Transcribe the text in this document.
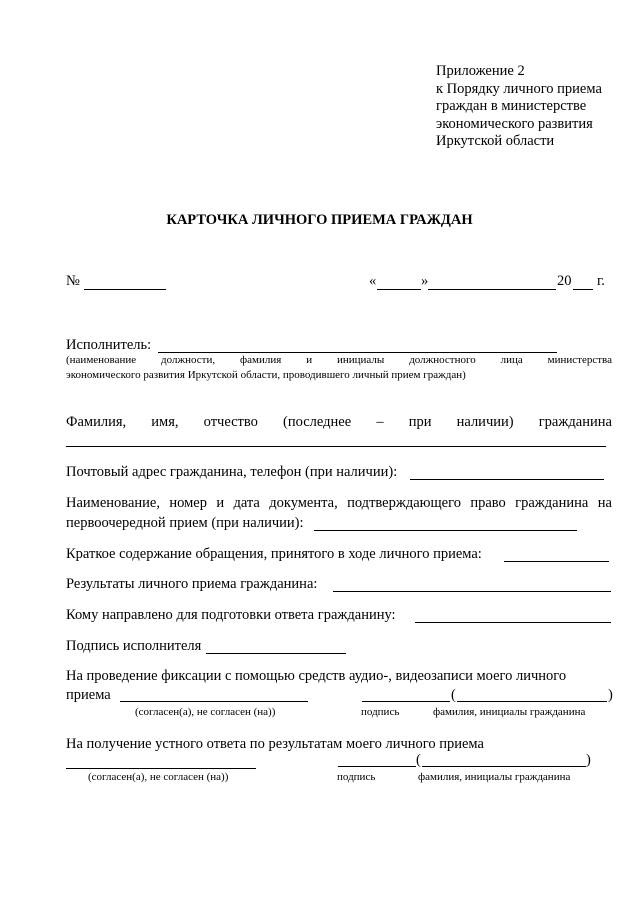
Приложение 2
к Порядку личного приема
граждан в министерстве
экономического развития
Иркутской области
КАРТОЧКА ЛИЧНОГО ПРИЕМА ГРАЖДАН
№	«	»	20 г.
Исполнитель:
(наименование должности, фамилия и инициалы должностного лица министерства
экономического развития Иркутской области, проводившего личный прием граждан)
Фамилия, имя, отчество (последнее – при наличии) гражданина
Почтовый адрес гражданина, телефон (при наличии):
Наименование, номер и дата документа, подтверждающего право гражданина на
первоочередной прием (при наличии):
Краткое содержание обращения, принятого в ходе личного приема:
Результаты личного приема гражданина:
Кому направлено для подготовки ответа гражданину:
Подпись исполнителя
На проведение фиксации с помощью средств аудио-, видеозаписи моего личного
приема	(	)
(согласен(а), не согласен (на))	подпись	фамилия, инициалы гражданина
На получение устного ответа по результатам моего личного приема
(	)
(согласен(а), не согласен (на))	подпись	фамилия, инициалы гражданина
